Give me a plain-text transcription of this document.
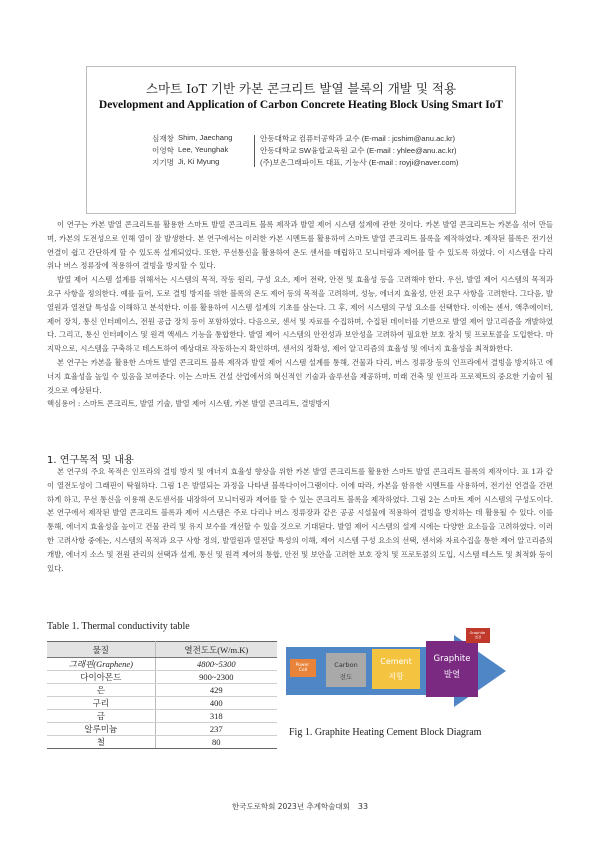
스마트 IoT 기반 카본 콘크리트 발열 블록의 개발 및 적용
Development and Application of Carbon Concrete Heating Block Using Smart IoT
심재창 Shim, Jaechang	안동대학교 컴퓨터공학과 교수 (E-mail : jcshim@anu.ac.kr)
이영학 Lee, Yeunghak	안동대학교 SW융합교육원 교수 (E-mail : yhlee@anu.ac.kr)
지기명 Ji, Ki Myung	(주)보온그래파이트 대표, 기능사 (E-mail : royji@naver.com)

이 연구는 카본 발열 콘크리트를 활용한 스마트 발열 콘크리트 블록 제작과 발열 제어 시스템 설계에 관한 것이다. 카본 발열 콘크리트는 카본을 섞어 만들며, 카본의 도전성으로 인해 열이 잘 발생한다. 본 연구에서는 이러한 카본 시멘트를 활용하여 스마트 발열 콘크리트 블록을 제작하였다. 제작된 블록은 전기선 연결이 쉽고 간단하게 할 수 있도록 설계되었다. 또한, 무선통신을 활용하여 온도 센서를 매립하고 모니터링과 제어를 할 수 있도록 하였다. 이 시스템을 다리 위나 버스 정류장에 적용하여 결빙을 방지할 수 있다.

발열 제어 시스템 설계를 위해서는 시스템의 목적, 작동 원리, 구성 요소, 제어 전략, 안전 및 효율성 등을 고려해야 한다. 우선, 발열 제어 시스템의 목적과 요구 사항을 정의한다. 예를 들어, 도로 결빙 방지를 위한 블록의 온도 제어 등의 목적을 고려하며, 성능, 에너지 효율성, 안전 요구 사항을 고려한다. 그다음, 발열원과 열전달 특성을 이해하고 분석한다. 이를 활용하여 시스템 설계의 기초를 삼는다. 그 후, 제어 시스템의 구성 요소를 선택한다. 이에는 센서, 액추에이터, 제어 장치, 통신 인터페이스, 전원 공급 장치 등이 포함하였다. 다음으로, 센서 및 자료를 수집하며, 수집된 데이터를 기반으로 발열 제어 알고리즘을 개발하였다. 그리고, 통신 인터페이스 및 원격 액세스 기능을 통합한다. 발열 제어 시스템의 안전성과 보안성을 고려하여 필요한 보호 장치 및 프로토콜을 도입한다. 마지막으로, 시스템을 구축하고 테스트하여 예상대로 작동하는지 확인하며, 센서의 정확성, 제어 알고리즘의 효율성 및 에너지 효율성을 최적화한다.

본 연구는 카본을 활용한 스마트 발열 콘크리트 블록 제작과 발열 제어 시스템 설계를 통해, 건물과 다리, 버스 정류장 등의 인프라에서 결빙을 방지하고 에너지 효율성을 높일 수 있음을 보여준다. 이는 스마트 건설 산업에서의 혁신적인 기술과 솔루션을 제공하며, 미래 건축 및 인프라 프로젝트의 중요한 기술이 될 것으로 예상된다.

핵심용어 : 스마트 콘크리트, 발열 기술, 발열 제어 시스템, 카본 발열 콘크리트, 결빙방지

1. 연구목적 및 내용

본 연구의 주요 목적은 인프라의 결빙 방지 및 에너지 효율성 향상을 위한 카본 발열 콘크리트를 활용한 스마트 발열 콘크리트 블록의 제작이다. 표 1과 같이 열전도성이 그래핀이 탁월하다. 그림 1은 발열되는 과정을 나타낸 블록다이어그램이다. 이에 따라, 카본을 함유한 시멘트를 사용하여, 전기선 연결을 간편하게 하고, 무선 통신을 이용해 온도센서를 내장하여 모니터링과 제어를 할 수 있는 콘크리트 블록을 제작하였다. 그림 2는 스마트 제어 시스템의 구성도이다. 본 연구에서 제작된 발열 콘크리트 블록과 제어 시스템은 주로 다리나 버스 정류장과 같은 공공 시설물에 적용하여 결빙을 방지하는 데 활용될 수 있다. 이를 통해, 에너지 효율성을 높이고 건물 관리 및 유지 보수를 개선할 수 있을 것으로 기대된다. 발열 제어 시스템의 설계 시에는 다양한 요소들을 고려하였다. 이러한 고려사항 중에는, 시스템의 목적과 요구 사항 정의, 발열원과 열전달 특성의 이해, 제어 시스템 구성 요소의 선택, 센서와 자료수집을 통한 제어 알고리즘의 개발, 에너지 소스 및 전원 관리의 선택과 설계, 통신 및 원격 제어의 통합, 안전 및 보안을 고려한 보호 장치 및 프로토콜의 도입, 시스템 테스트 및 최적화 등이 있다.

Table 1. Thermal conductivity table
물질	열전도도(W/m.K)
그래핀(Graphene)	4800~5300
다이아몬드	900~2300
은	429
구리	400
금	318
알루미늄	237
철	80
Power Cell
Carbon
전도
Cement
저항
Graphite
발열
Graphite 열전
Fig 1. Graphite Heating Cement Block Diagram
한국도로학회 2023년 추계학술대회 33
